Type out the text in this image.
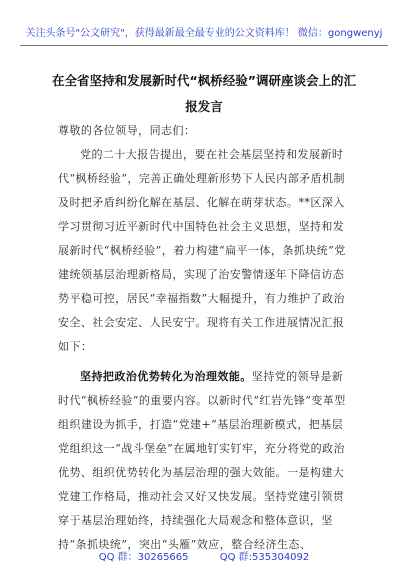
关注头条号"公文研究"，获得最新最全最专业的公文资料库！ 微信：gongwenyj
在全省坚持和发展新时代“枫桥经验”调研座谈会上的汇报发言

尊敬的各位领导，同志们：

党的二十大报告提出，要在社会基层坚持和发展新时代“枫桥经验”，完善正确处理新形势下人民内部矛盾机制及时把矛盾纠纷化解在基层、化解在萌芽状态。**区深入学习贯彻习近平新时代中国特色社会主义思想，坚持和发展新时代“枫桥经验”，着力构建“扁平一体，条抓块统”党建统领基层治理新格局，实现了治安警情逐年下降信访态势平稳可控，居民“幸福指数”大幅提升，有力维护了政治安全、社会安定、人民安宁。现将有关工作进展情况汇报如下：

坚持把政治优势转化为治理效能。坚持党的领导是新时代“枫桥经验”的重要内容。以新时代“红岩先锋”变革型组织建设为抓手，打造“党建+”基层治理新模式，把基层党组织这一“战斗堡垒”在属地钉实钉牢，充分将党的政治优势、组织优势转化为基层治理的强大效能。一是构建大党建工作格局，推动社会又好又快发展。坚持党建引领贯穿于基层治理始终，持续强化大局观念和整体意识，坚持“条抓块统”，突出“头雁”效应，整合经济生态、

QQ 群：30265665	QQ 群:535304092
